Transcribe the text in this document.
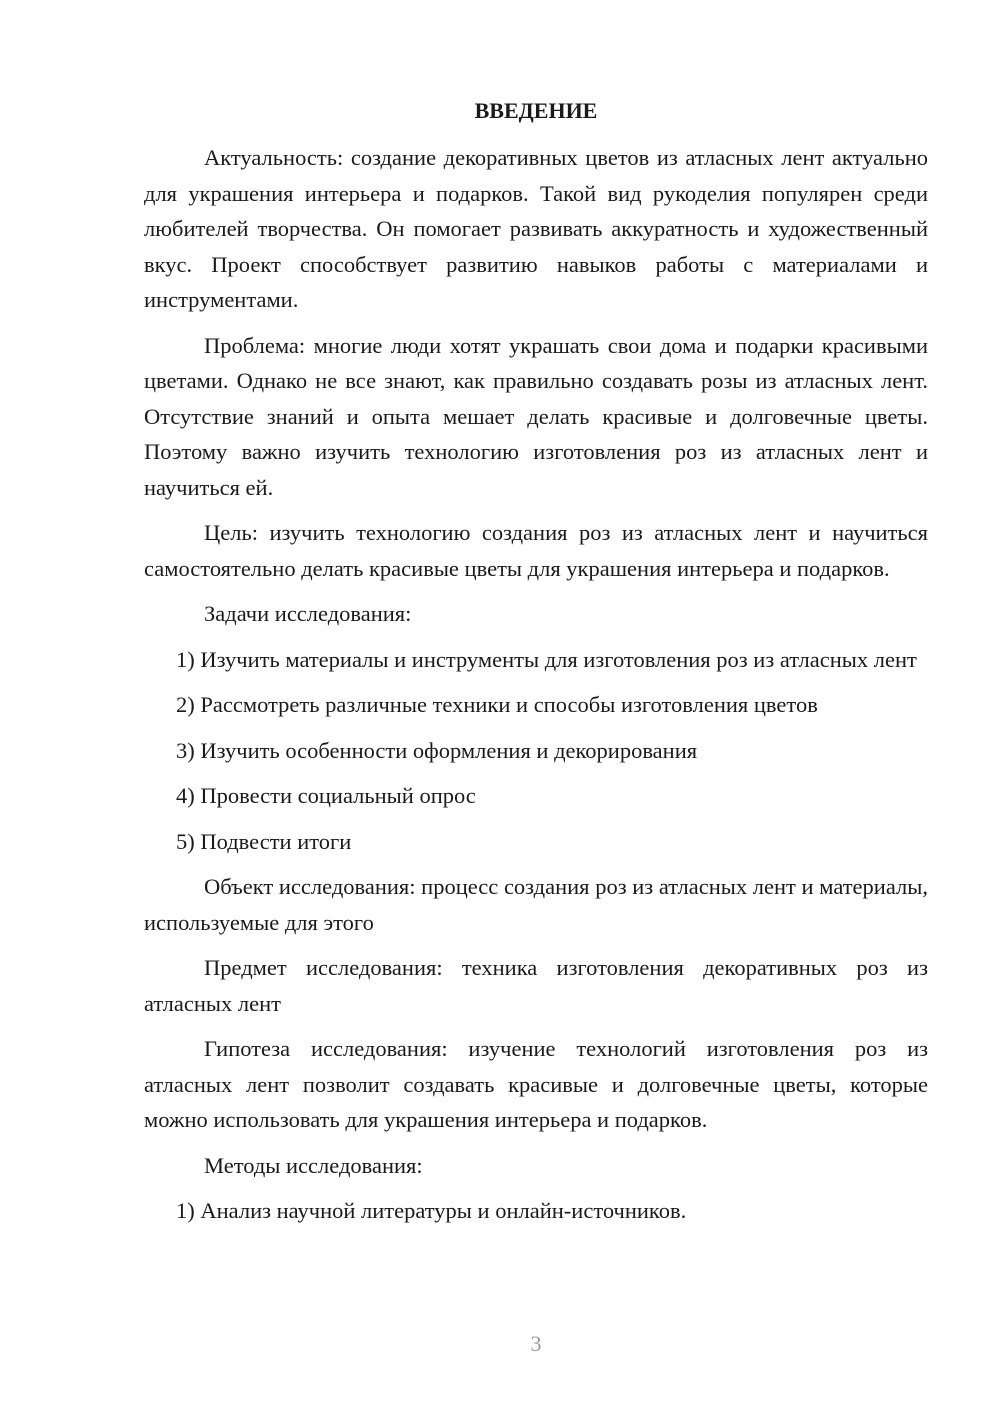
ВВЕДЕНИЕ

Актуальность: создание декоративных цветов из атласных лент актуально для украшения интерьера и подарков. Такой вид рукоделия популярен среди любителей творчества. Он помогает развивать аккуратность и художественный вкус. Проект способствует развитию навыков работы с материалами и инструментами.

Проблема: многие люди хотят украшать свои дома и подарки красивыми цветами. Однако не все знают, как правильно создавать розы из атласных лент. Отсутствие знаний и опыта мешает делать красивые и долговечные цветы. Поэтому важно изучить технологию изготовления роз из атласных лент и научиться ей.

Цель: изучить технологию создания роз из атласных лент и научиться самостоятельно делать красивые цветы для украшения интерьера и подарков.

Задачи исследования:

1) Изучить материалы и инструменты для изготовления роз из атласных лент

2) Рассмотреть различные техники и способы изготовления цветов

3) Изучить особенности оформления и декорирования

4) Провести социальный опрос

5) Подвести итоги

Объект исследования: процесс создания роз из атласных лент и материалы, используемые для этого

Предмет исследования: техника изготовления декоративных роз из атласных лент

Гипотеза исследования: изучение технологий изготовления роз из атласных лент позволит создавать красивые и долговечные цветы, которые можно использовать для украшения интерьера и подарков.

Методы исследования:

1) Анализ научной литературы и онлайн-источников.

3
